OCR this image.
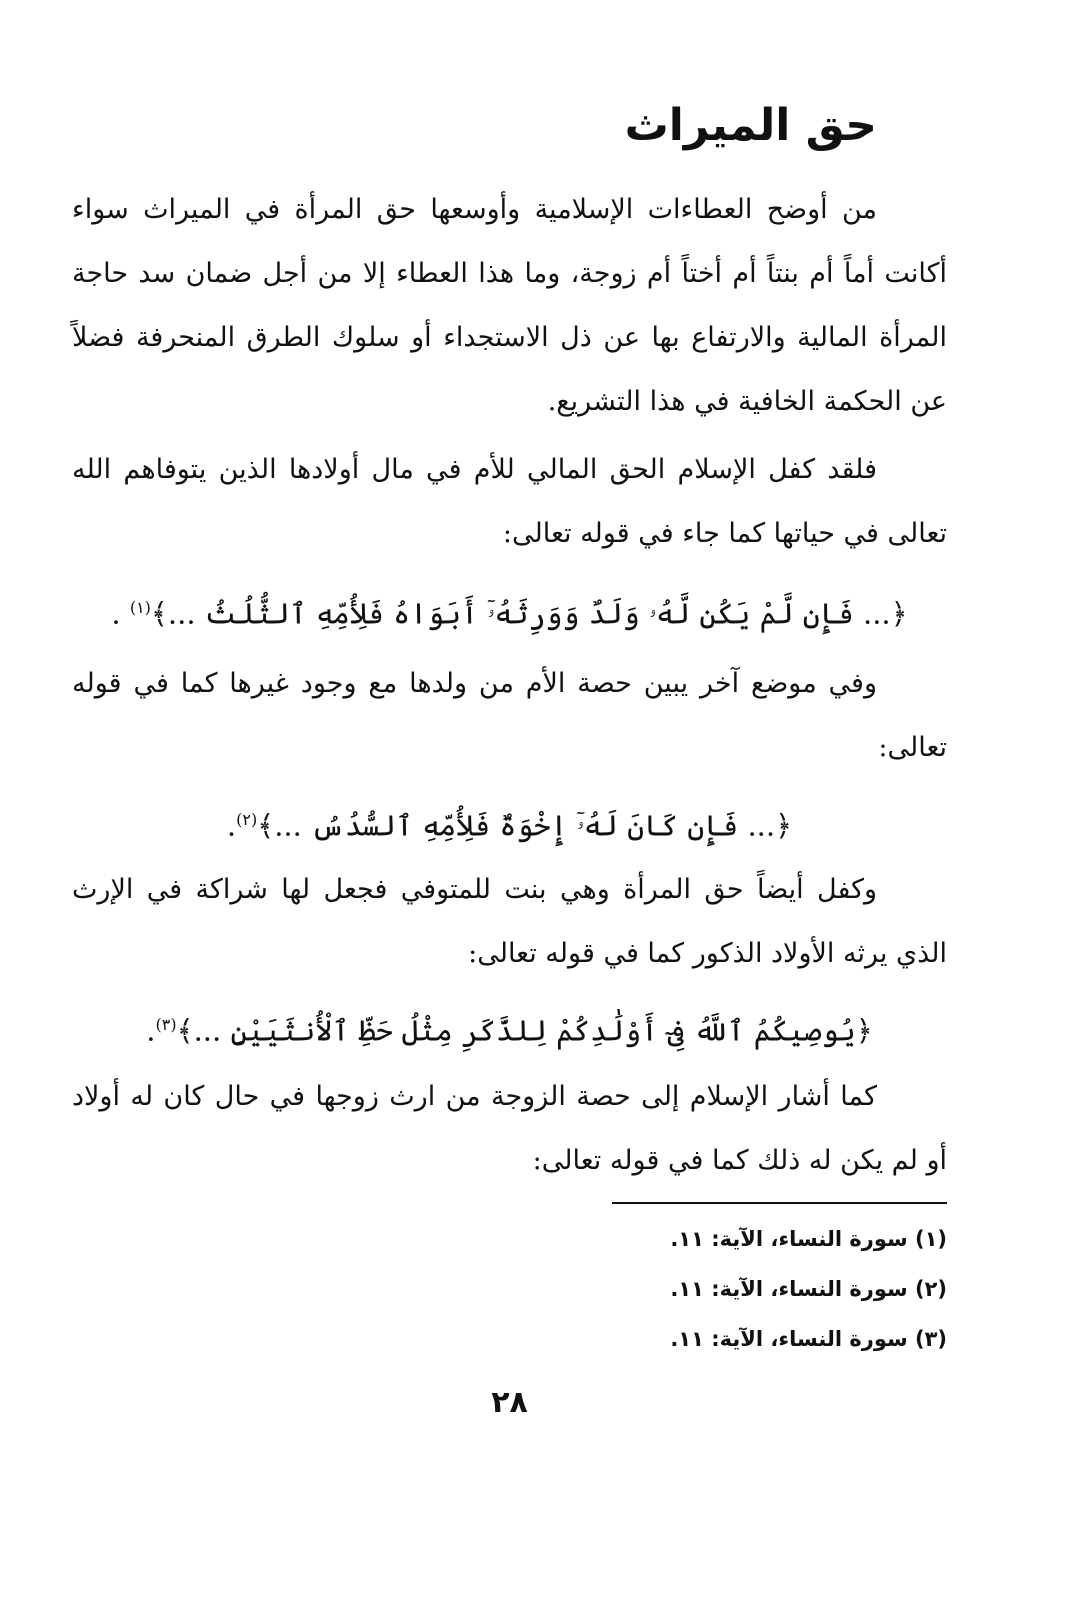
حق الميراث

من أوضح العطاءات الإسلامية وأوسعها حق المرأة في الميراث سواء أكانت أماً أم بنتاً أم أختاً أم زوجة، وما هذا العطاء إلا من أجل ضمان سد حاجة المرأة المالية والارتفاع بها عن ذل الاستجداء أو سلوك الطرق المنحرفة فضلاً عن الحكمة الخافية في هذا التشريع.

فلقد كفل الإسلام الحق المالي للأم في مال أولادها الذين يتوفاهم الله تعالى في حياتها كما جاء في قوله تعالى:

﴿... فَإِن لَّمْ يَكُن لَّهُۥ وَلَدٌ وَوَرِثَهُۥٓ أَبَوَاهُ فَلِأُمِّهِ ٱلثُّلُثُ ...﴾$^{(١)}$ .

وفي موضع آخر يبين حصة الأم من ولدها مع وجود غيرها كما في قوله تعالى:

﴿... فَإِن كَانَ لَهُۥٓ إِخْوَةٌ فَلِأُمِّهِ ٱلسُّدُسُ ...﴾$^{(٢)}$.

وكفل أيضاً حق المرأة وهي بنت للمتوفي فجعل لها شراكة في الإرث الذي يرثه الأولاد الذكور كما في قوله تعالى:

﴿يُوصِيكُمُ ٱللَّهُ فِىٓ أَوْلَٰدِكُمْ لِلذَّكَرِ مِثْلُ حَظِّ ٱلْأُنثَيَيْنِ ...﴾$^{(٣)}$.

كما أشار الإسلام إلى حصة الزوجة من ارث زوجها في حال كان له أولاد أو لم يكن له ذلك كما في قوله تعالى:

(١) سورة النساء، الآية: ١١.
(٢) سورة النساء، الآية: ١١.
(٣) سورة النساء، الآية: ١١.
٢٨
